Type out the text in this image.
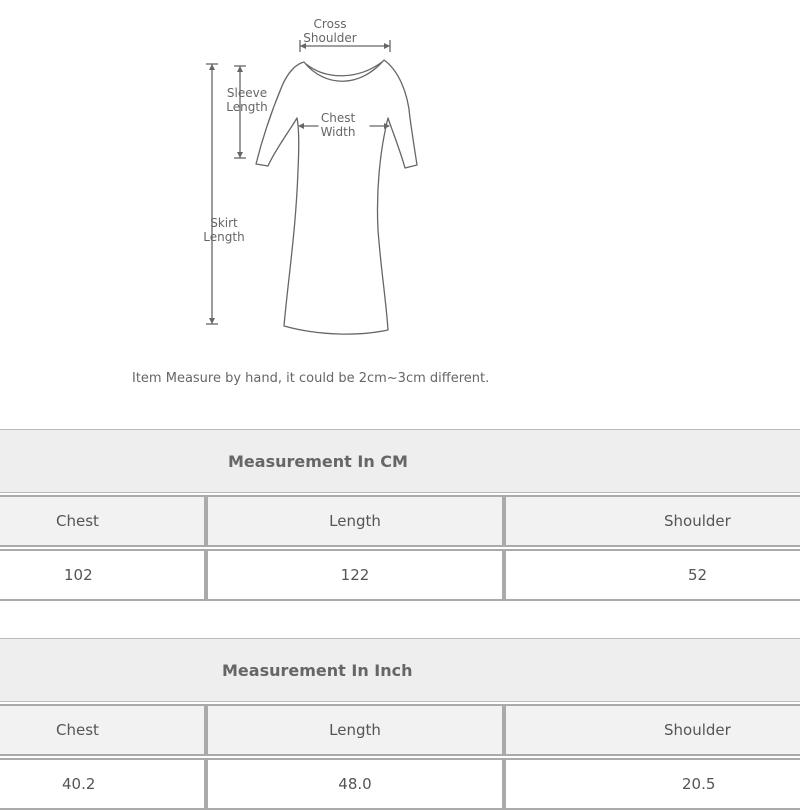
Cross
Shoulder
Sleeve
Length
Chest
Width
Skirt
Length
Item Measure by hand, it could be 2cm~3cm different.
Measurement In CM		

Chest	Length	Shoulder

102	122	52
Measurement In Inch		

Chest	Length	Shoulder

40.2	48.0	20.5
